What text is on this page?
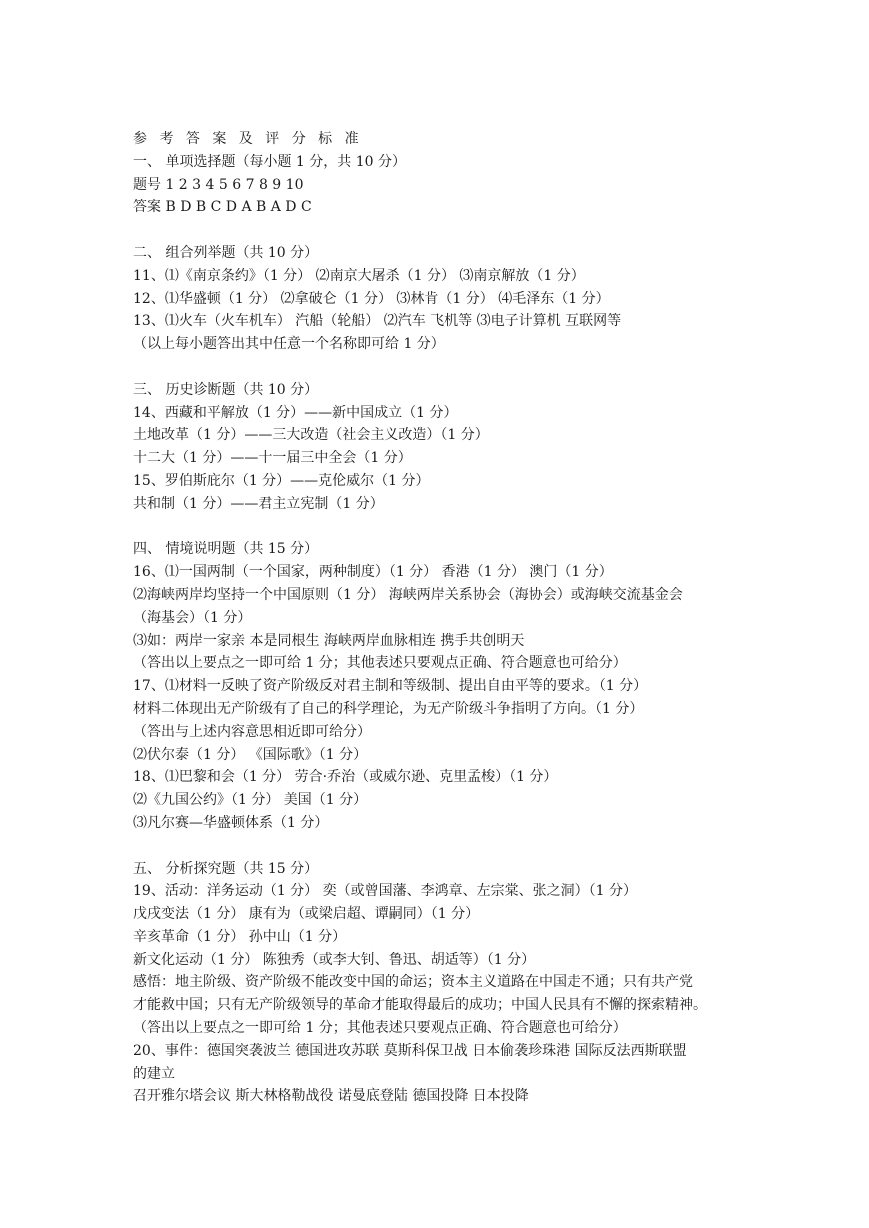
参 考 答 案 及 评 分 标 准
一、 单项选择题（每小题 1 分，共 10 分）
题号 1 2 3 4 5 6 7 8 9 10
答案 B D B C D A B A D C
二、 组合列举题（共 10 分）
11、⑴《南京条约》（1 分） ⑵南京大屠杀（1 分） ⑶南京解放（1 分）
12、⑴华盛顿（1 分） ⑵拿破仑（1 分） ⑶林肯（1 分） ⑷毛泽东（1 分）
13、⑴火车（火车机车） 汽船（轮船） ⑵汽车 飞机等 ⑶电子计算机 互联网等
（以上每小题答出其中任意一个名称即可给 1 分）
三、 历史诊断题（共 10 分）
14、西藏和平解放（1 分）——新中国成立（1 分）
土地改革（1 分）——三大改造（社会主义改造）（1 分）
十二大（1 分）——十一届三中全会（1 分）
15、罗伯斯庇尔（1 分）——克伦威尔（1 分）
共和制（1 分）——君主立宪制（1 分）
四、 情境说明题（共 15 分）
16、⑴一国两制（一个国家，两种制度）（1 分） 香港（1 分） 澳门（1 分）
⑵海峡两岸均坚持一个中国原则（1 分） 海峡两岸关系协会（海协会）或海峡交流基金会
（海基会）（1 分）
⑶如：两岸一家亲 本是同根生 海峡两岸血脉相连 携手共创明天
（答出以上要点之一即可给 1 分；其他表述只要观点正确、符合题意也可给分）
17、⑴材料一反映了资产阶级反对君主制和等级制、提出自由平等的要求。（1 分）
材料二体现出无产阶级有了自己的科学理论，为无产阶级斗争指明了方向。（1 分）
（答出与上述内容意思相近即可给分）
⑵伏尔泰（1 分） 《国际歌》（1 分）
18、⑴巴黎和会（1 分） 劳合·乔治（或威尔逊、克里孟梭）（1 分）
⑵《九国公约》（1 分） 美国（1 分）
⑶凡尔赛—华盛顿体系（1 分）
五、 分析探究题（共 15 分）
19、活动：洋务运动（1 分） 奕（或曾国藩、李鸿章、左宗棠、张之洞）（1 分）
戊戌变法（1 分） 康有为（或梁启超、谭嗣同）（1 分）
辛亥革命（1 分） 孙中山（1 分）
新文化运动（1 分） 陈独秀（或李大钊、鲁迅、胡适等）（1 分）
感悟：地主阶级、资产阶级不能改变中国的命运；资本主义道路在中国走不通；只有共产党
才能救中国；只有无产阶级领导的革命才能取得最后的成功；中国人民具有不懈的探索精神。
（答出以上要点之一即可给 1 分；其他表述只要观点正确、符合题意也可给分）
20、事件：德国突袭波兰 德国进攻苏联 莫斯科保卫战 日本偷袭珍珠港 国际反法西斯联盟
的建立
召开雅尔塔会议 斯大林格勒战役 诺曼底登陆 德国投降 日本投降
